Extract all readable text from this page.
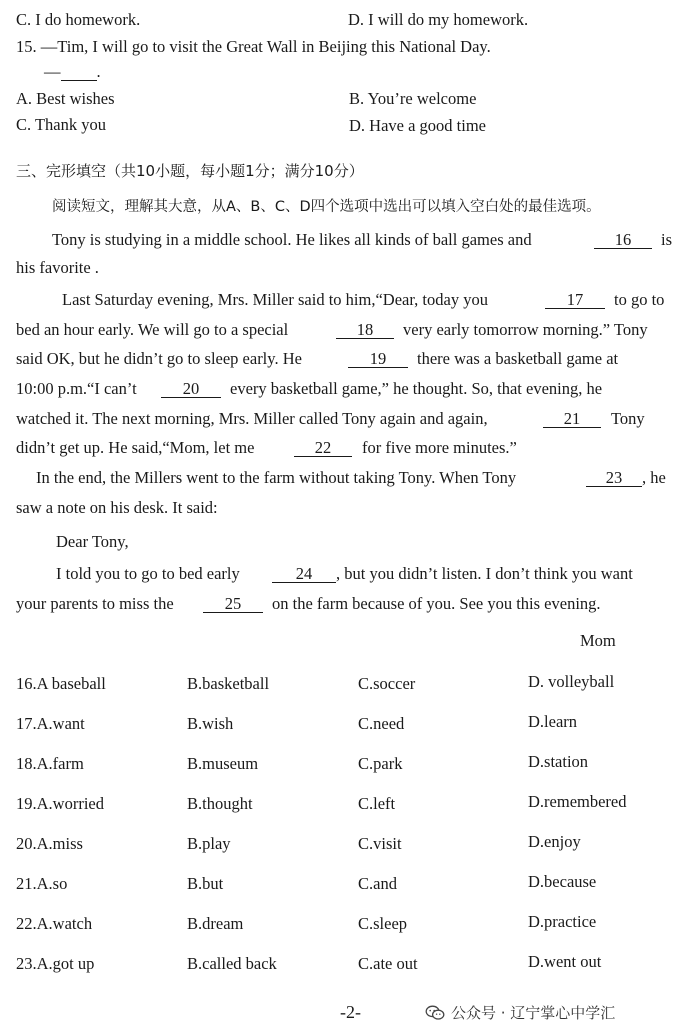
C. I do homework.	D. I will do my homework.
15. —Tim, I will go to visit the Great Wall in Beijing this National Day.
— .
A. Best wishes	B. You’re welcome
C. Thank you	D. Have a good time
三、完形填空（共10小题，每小题1分；满分10分）
阅读短文，理解其大意，从A、B、C、D四个选项中选出可以填入空白处的最佳选项。
Tony is studying in a middle school. He likes all kinds of ball games and	16	is
his favorite .
Last Saturday evening, Mrs. Miller said to him,“Dear, today you	17	to go to
bed an hour early. We will go to a special	18	very early tomorrow morning.” Tony
said OK, but he didn’t go to sleep early. He	19	there was a basketball game at
10:00 p.m.“I can’t	20	every basketball game,” he thought. So, that evening, he
watched it. The next morning, Mrs. Miller called Tony again and again,	21	Tony
didn’t get up. He said,“Mom, let me	22	for five more minutes.”
In the end, the Millers went to the farm without taking Tony. When Tony	23	, he
saw a note on his desk. It said:
Dear Tony,
I told you to go to bed early	24	, but you didn’t listen. I don’t think you want
your parents to miss the	25	on the farm because of you. See you this evening.
Mom
16.A baseball	B.basketball	C.soccer	D. volleyball
17.A.want	B.wish	C.need	D.learn
18.A.farm	B.museum	C.park	D.station
19.A.worried	B.thought	C.left	D.remembered
20.A.miss	B.play	C.visit	D.enjoy
21.A.so	B.but	C.and	D.because
22.A.watch	B.dream	C.sleep	D.practice
23.A.got up	B.called back	C.ate out	D.went out
-2-	公众号 · 辽宁掌心中学汇
